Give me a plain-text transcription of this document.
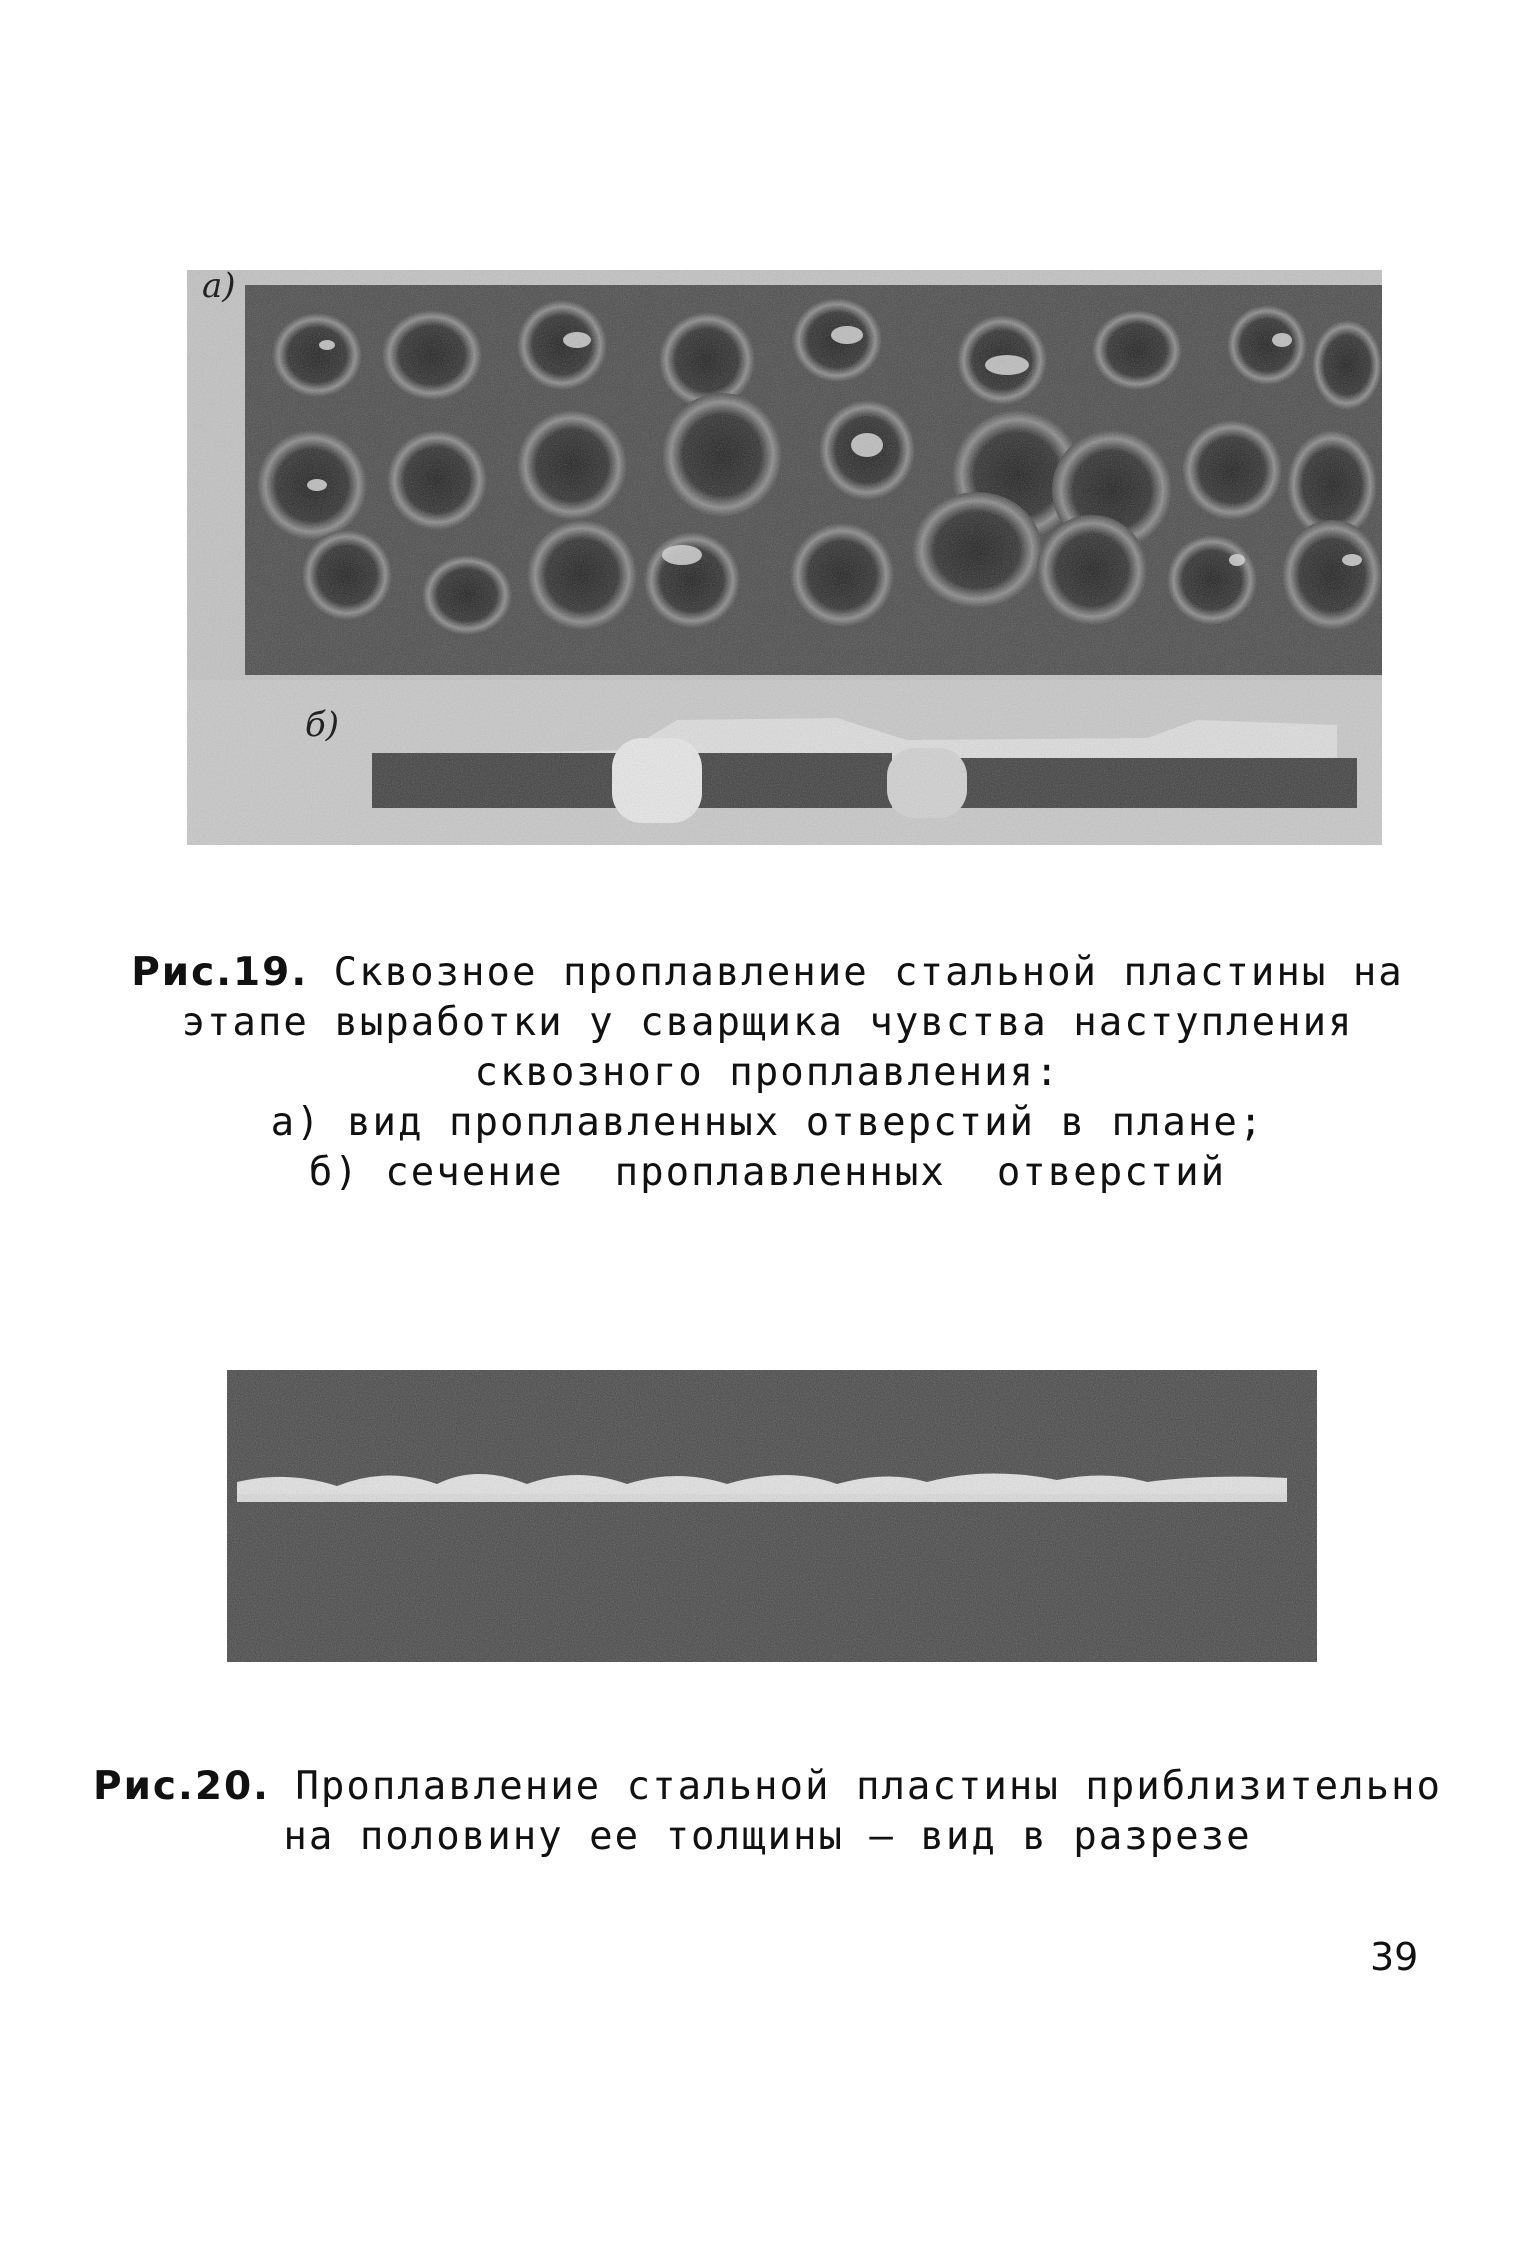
a)
б)
Рис.19. Сквозное проплавление стальной пластины на
этапе выработки у сварщика чувства наступления
сквозного проплавления:
а) вид проплавленных отверстий в плане;
б) сечение  проплавленных  отверстий
Рис.20. Проплавление стальной пластины приблизительно
на половину ее толщины – вид в разрезе
39
